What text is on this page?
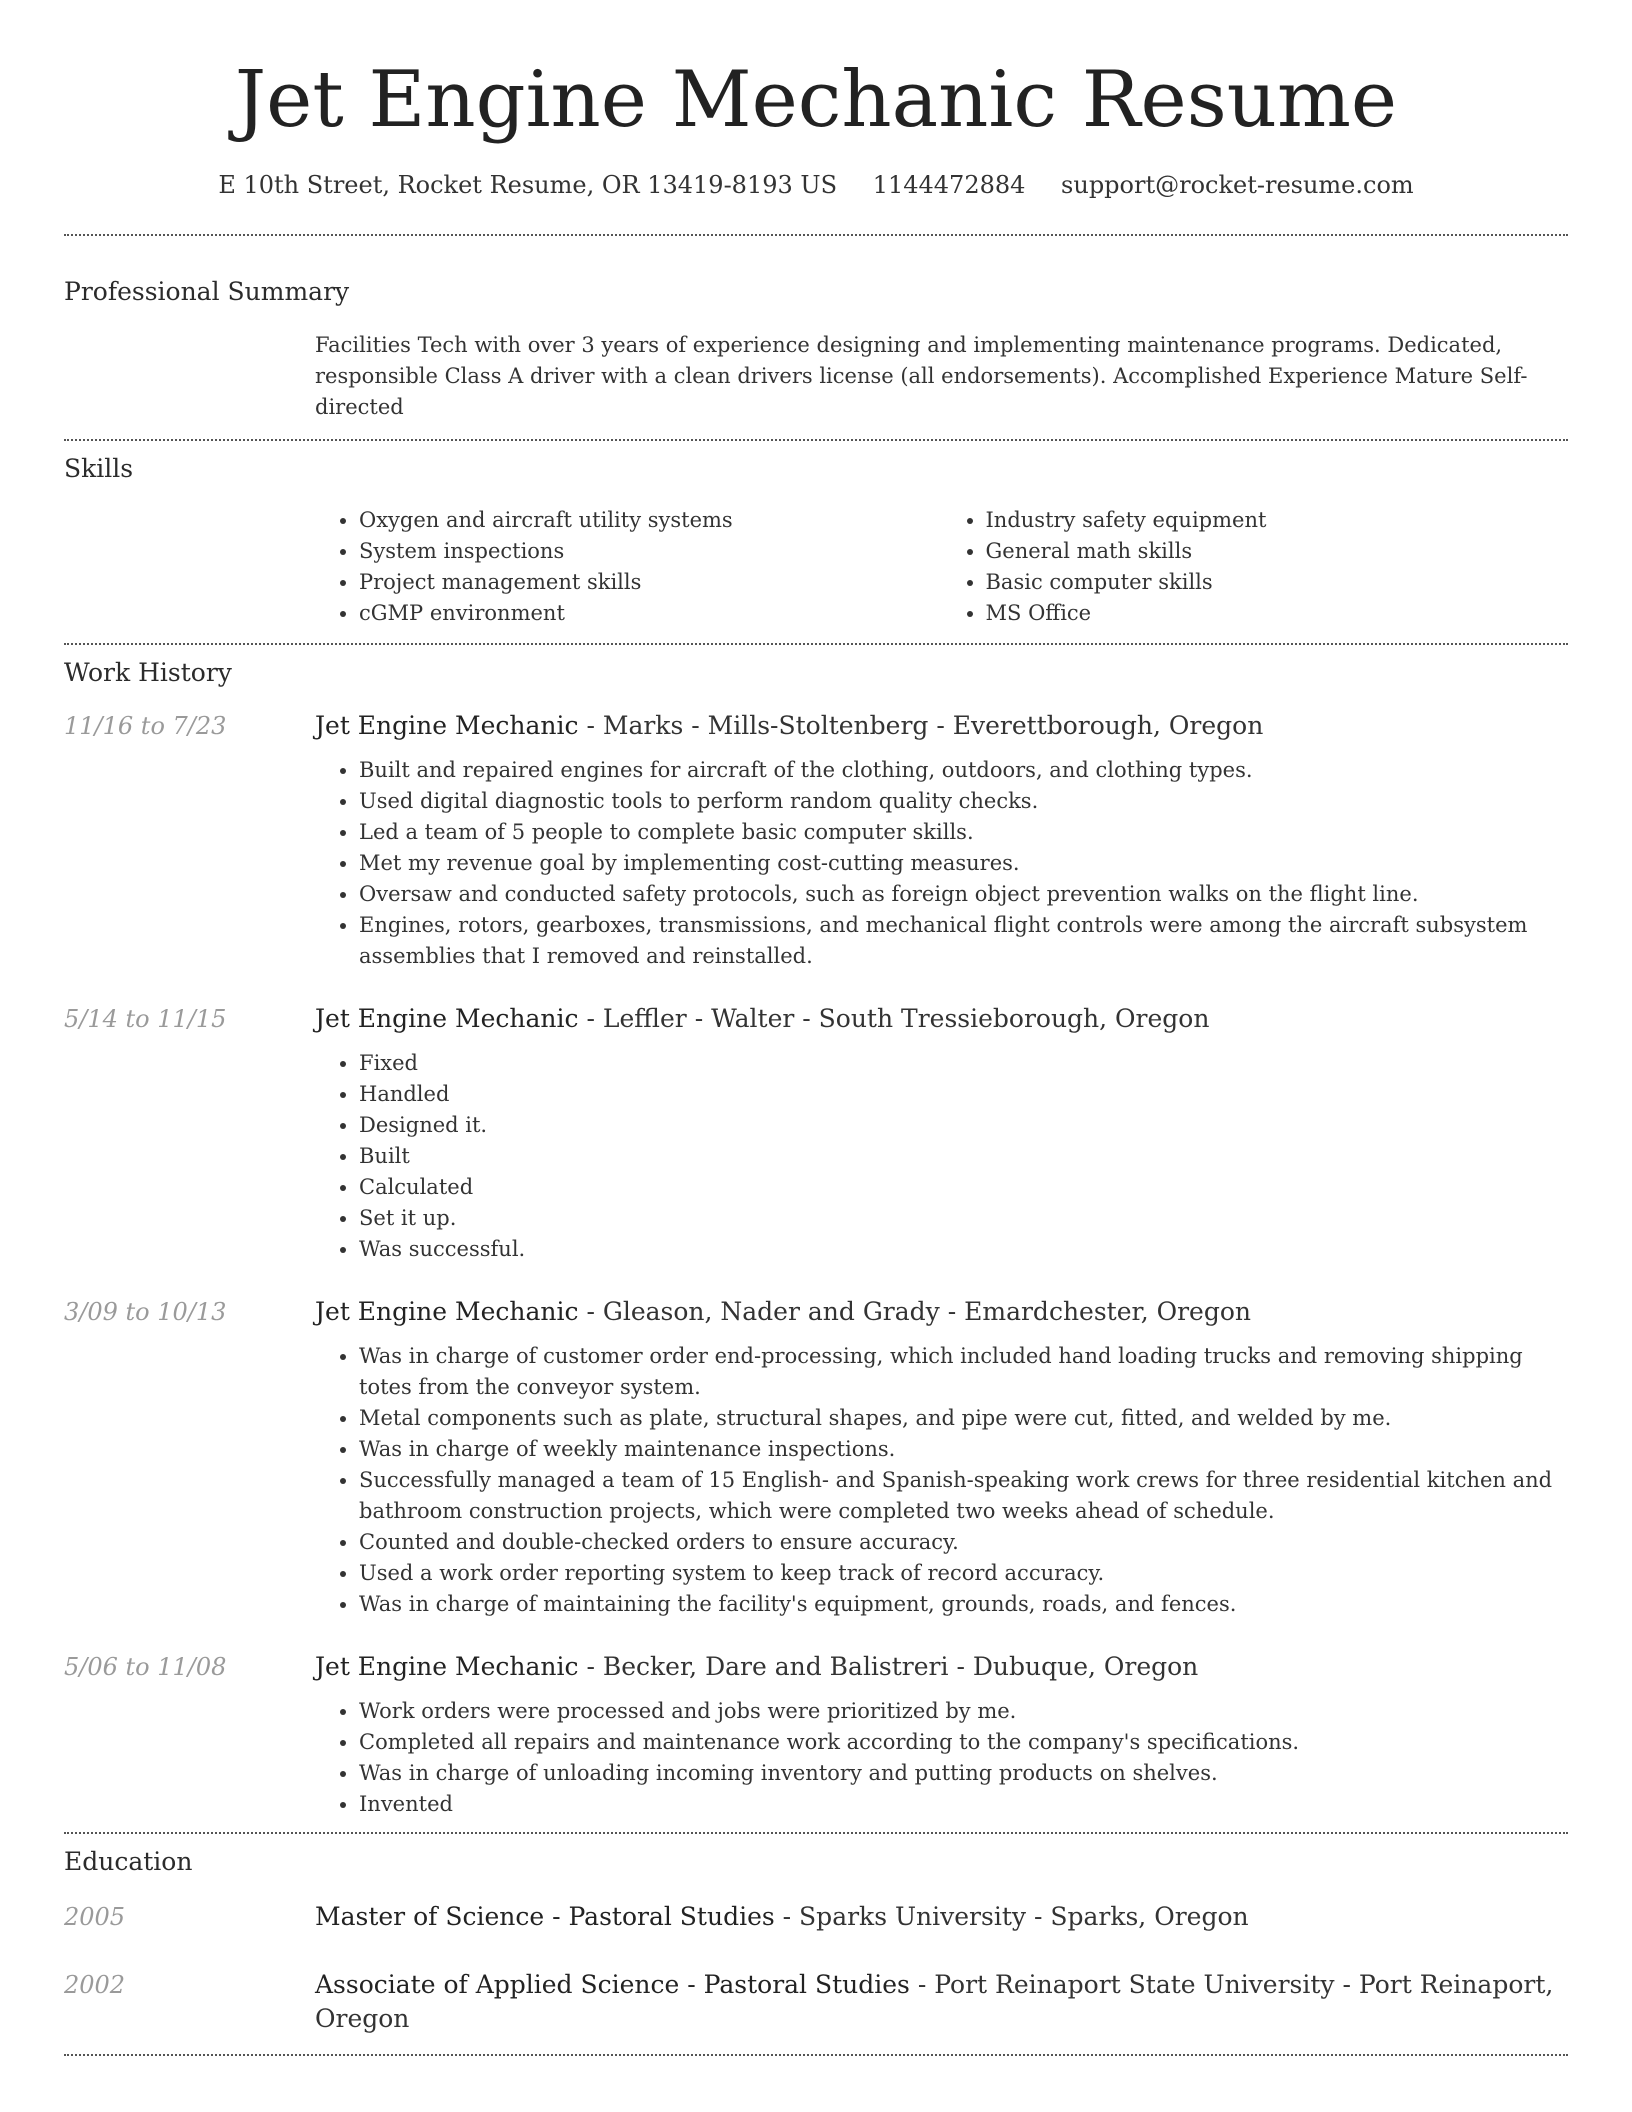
Jet Engine Mechanic Resume
E 10th Street, Rocket Resume, OR 13419-8193 US 1144472884 support@rocket-resume.com
Professional Summary
Facilities Tech with over 3 years of experience designing and implementing maintenance programs. Dedicated, responsible Class A driver with a clean drivers license (all endorsements). Accomplished Experience Mature Self-directed
Skills
• Oxygen and aircraft utility systems
• System inspections
• Project management skills
• cGMP environment
• Industry safety equipment
• General math skills
• Basic computer skills
• MS Office
Work History
11/16 to 7/23	Jet Engine Mechanic - Marks - Mills-Stoltenberg - Everettborough, Oregon
• Built and repaired engines for aircraft of the clothing, outdoors, and clothing types.
• Used digital diagnostic tools to perform random quality checks.
• Led a team of 5 people to complete basic computer skills.
• Met my revenue goal by implementing cost-cutting measures.
• Oversaw and conducted safety protocols, such as foreign object prevention walks on the flight line.
• Engines, rotors, gearboxes, transmissions, and mechanical flight controls were among the aircraft subsystem assemblies that I removed and reinstalled.
5/14 to 11/15	Jet Engine Mechanic - Leffler - Walter - South Tressieborough, Oregon
• Fixed
• Handled
• Designed it.
• Built
• Calculated
• Set it up.
• Was successful.
3/09 to 10/13	Jet Engine Mechanic - Gleason, Nader and Grady - Emardchester, Oregon
• Was in charge of customer order end-processing, which included hand loading trucks and removing shipping totes from the conveyor system.
• Metal components such as plate, structural shapes, and pipe were cut, fitted, and welded by me.
• Was in charge of weekly maintenance inspections.
• Successfully managed a team of 15 English- and Spanish-speaking work crews for three residential kitchen and bathroom construction projects, which were completed two weeks ahead of schedule.
• Counted and double-checked orders to ensure accuracy.
• Used a work order reporting system to keep track of record accuracy.
• Was in charge of maintaining the facility's equipment, grounds, roads, and fences.
5/06 to 11/08	Jet Engine Mechanic - Becker, Dare and Balistreri - Dubuque, Oregon
• Work orders were processed and jobs were prioritized by me.
• Completed all repairs and maintenance work according to the company's specifications.
• Was in charge of unloading incoming inventory and putting products on shelves.
• Invented
Education
2005	Master of Science - Pastoral Studies - Sparks University - Sparks, Oregon
2002	Associate of Applied Science - Pastoral Studies - Port Reinaport State University - Port Reinaport, Oregon
